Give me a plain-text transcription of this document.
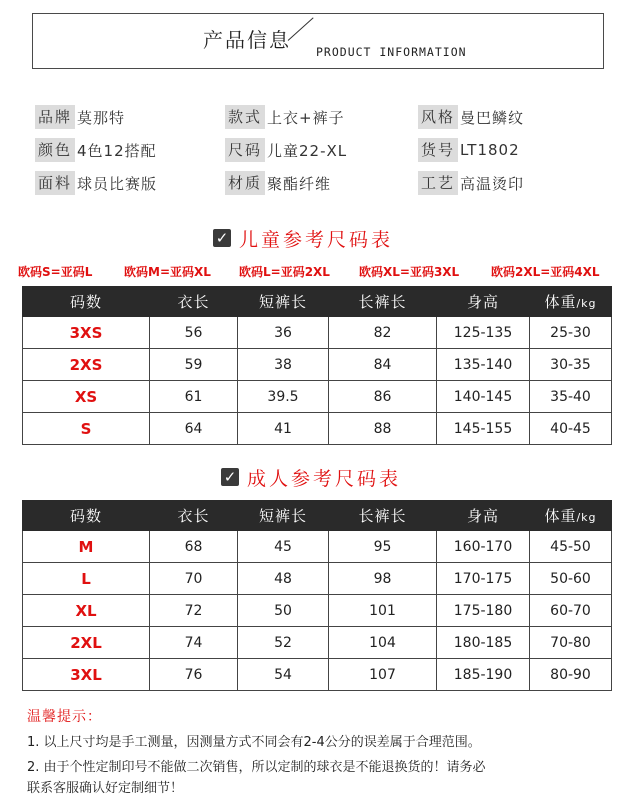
产品信息 PRODUCT INFORMATION
品牌 莫那特	款式 上衣+裤子	风格 曼巴鳞纹
颜色 4色12搭配	尺码 儿童22-XL	货号 LT1802
面料 球员比赛版	材质 聚酯纤维	工艺 高温烫印
✓ 儿童参考尺码表
欧码S=亚码L	欧码M=亚码XL 欧码L=亚码2XL 欧码XL=亚码3XL	欧码2XL=亚码4XL
码数	衣长	短裤长	长裤长	身高	体重/kg
3XS	56	36	82	125-135	25-30
2XS	59	38	84	135-140	30-35
XS	61	39.5	86	140-145	35-40
S	64	41	88	145-155	40-45
✓ 成人参考尺码表
码数	衣长	短裤长	长裤长	身高	体重/kg
M	68	45	95	160-170	45-50
L	70	48	98	170-175	50-60
XL	72	50	101	175-180	60-70
2XL	74	52	104	180-185	70-80
3XL	76	54	107	185-190	80-90
温馨提示：
1. 以上尺寸均是手工测量，因测量方式不同会有2-4公分的误差属于合理范围。
2. 由于个性定制印号不能做二次销售，所以定制的球衣是不能退换货的！请务必
联系客服确认好定制细节！
